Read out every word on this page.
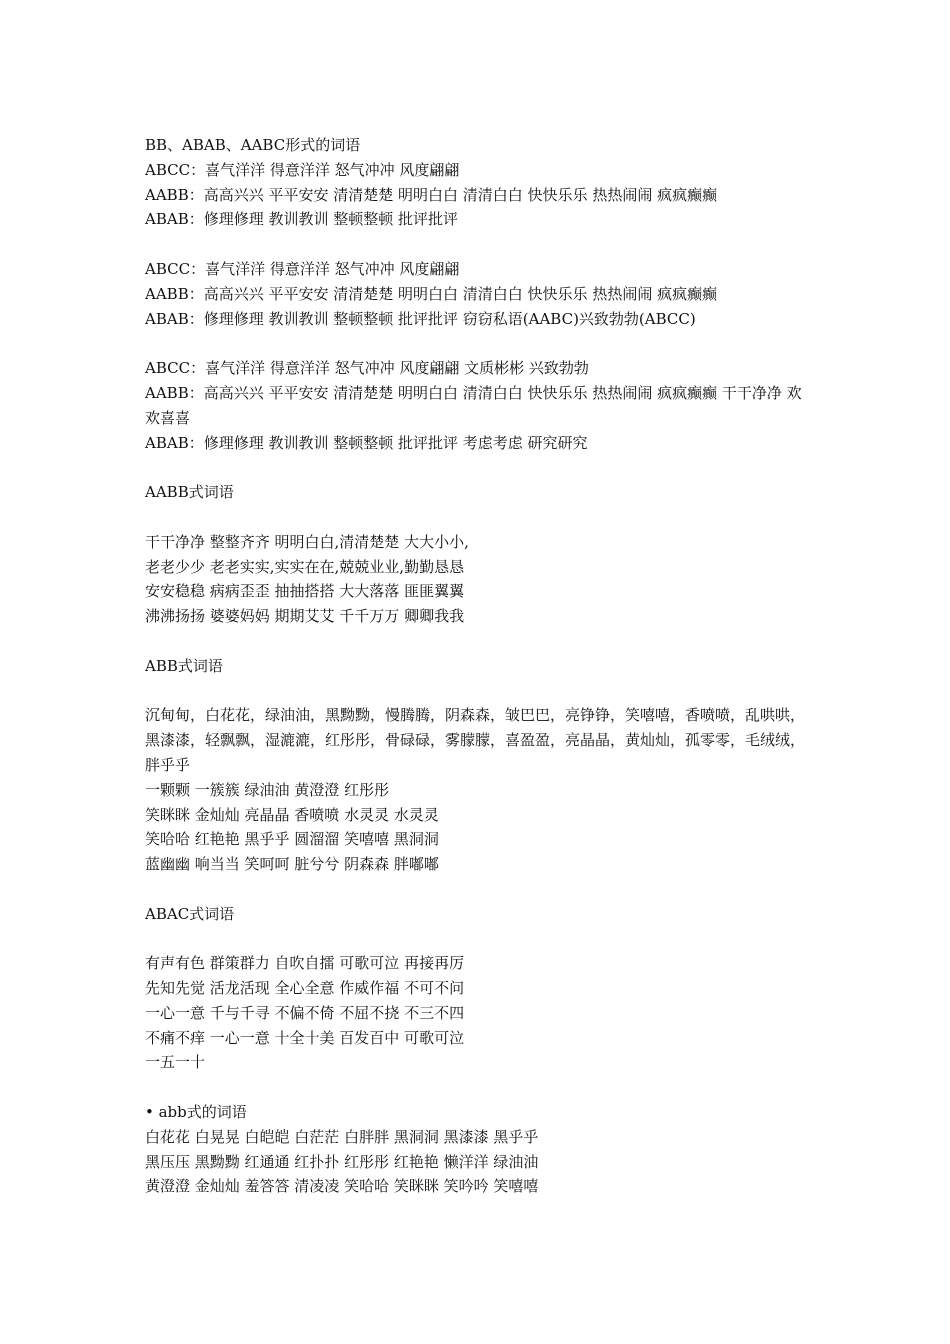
BB、ABAB、AABC形式的词语
ABCC：喜气洋洋 得意洋洋 怒气冲冲 风度翩翩
AABB：高高兴兴 平平安安 清清楚楚 明明白白 清清白白 快快乐乐 热热闹闹 疯疯癫癫
ABAB：修理修理 教训教训 整顿整顿 批评批评
ABCC：喜气洋洋 得意洋洋 怒气冲冲 风度翩翩
AABB：高高兴兴 平平安安 清清楚楚 明明白白 清清白白 快快乐乐 热热闹闹 疯疯癫癫
ABAB：修理修理 教训教训 整顿整顿 批评批评 窃窃私语(AABC)兴致勃勃(ABCC)
ABCC：喜气洋洋 得意洋洋 怒气冲冲 风度翩翩 文质彬彬 兴致勃勃
AABB：高高兴兴 平平安安 清清楚楚 明明白白 清清白白 快快乐乐 热热闹闹 疯疯癫癫 干干净净 欢欢喜喜
ABAB：修理修理 教训教训 整顿整顿 批评批评 考虑考虑 研究研究
AABB式词语
干干净净 整整齐齐 明明白白,清清楚楚 大大小小,
老老少少 老老实实,实实在在,兢兢业业,勤勤恳恳
安安稳稳 病病歪歪 抽抽搭搭 大大落落 匪匪翼翼
沸沸扬扬 婆婆妈妈 期期艾艾 千千万万 卿卿我我
ABB式词语
沉甸甸，白花花，绿油油，黑黝黝，慢腾腾，阴森森，皱巴巴，亮铮铮，笑嘻嘻，香喷喷，乱哄哄，黑漆漆，轻飘飘，湿漉漉，红彤彤，骨碌碌，雾朦朦，喜盈盈，亮晶晶，黄灿灿，孤零零，毛绒绒，胖乎乎
一颗颗 一簇簇 绿油油 黄澄澄 红彤彤
笑眯眯 金灿灿 亮晶晶 香喷喷 水灵灵 水灵灵
笑哈哈 红艳艳 黑乎乎 圆溜溜 笑嘻嘻 黑洞洞
蓝幽幽 响当当 笑呵呵 脏兮兮 阴森森 胖嘟嘟
ABAC式词语
有声有色 群策群力 自吹自擂 可歌可泣 再接再厉
先知先觉 活龙活现 全心全意 作威作福 不可不问
一心一意 千与千寻 不偏不倚 不屈不挠 不三不四
不痛不痒 一心一意 十全十美 百发百中 可歌可泣
一五一十
• abb式的词语
白花花 白晃晃 白皑皑 白茫茫 白胖胖 黑洞洞 黑漆漆 黑乎乎
黑压压 黑黝黝 红通通 红扑扑 红彤彤 红艳艳 懒洋洋 绿油油
黄澄澄 金灿灿 羞答答 清凌凌 笑哈哈 笑眯眯 笑吟吟 笑嘻嘻
